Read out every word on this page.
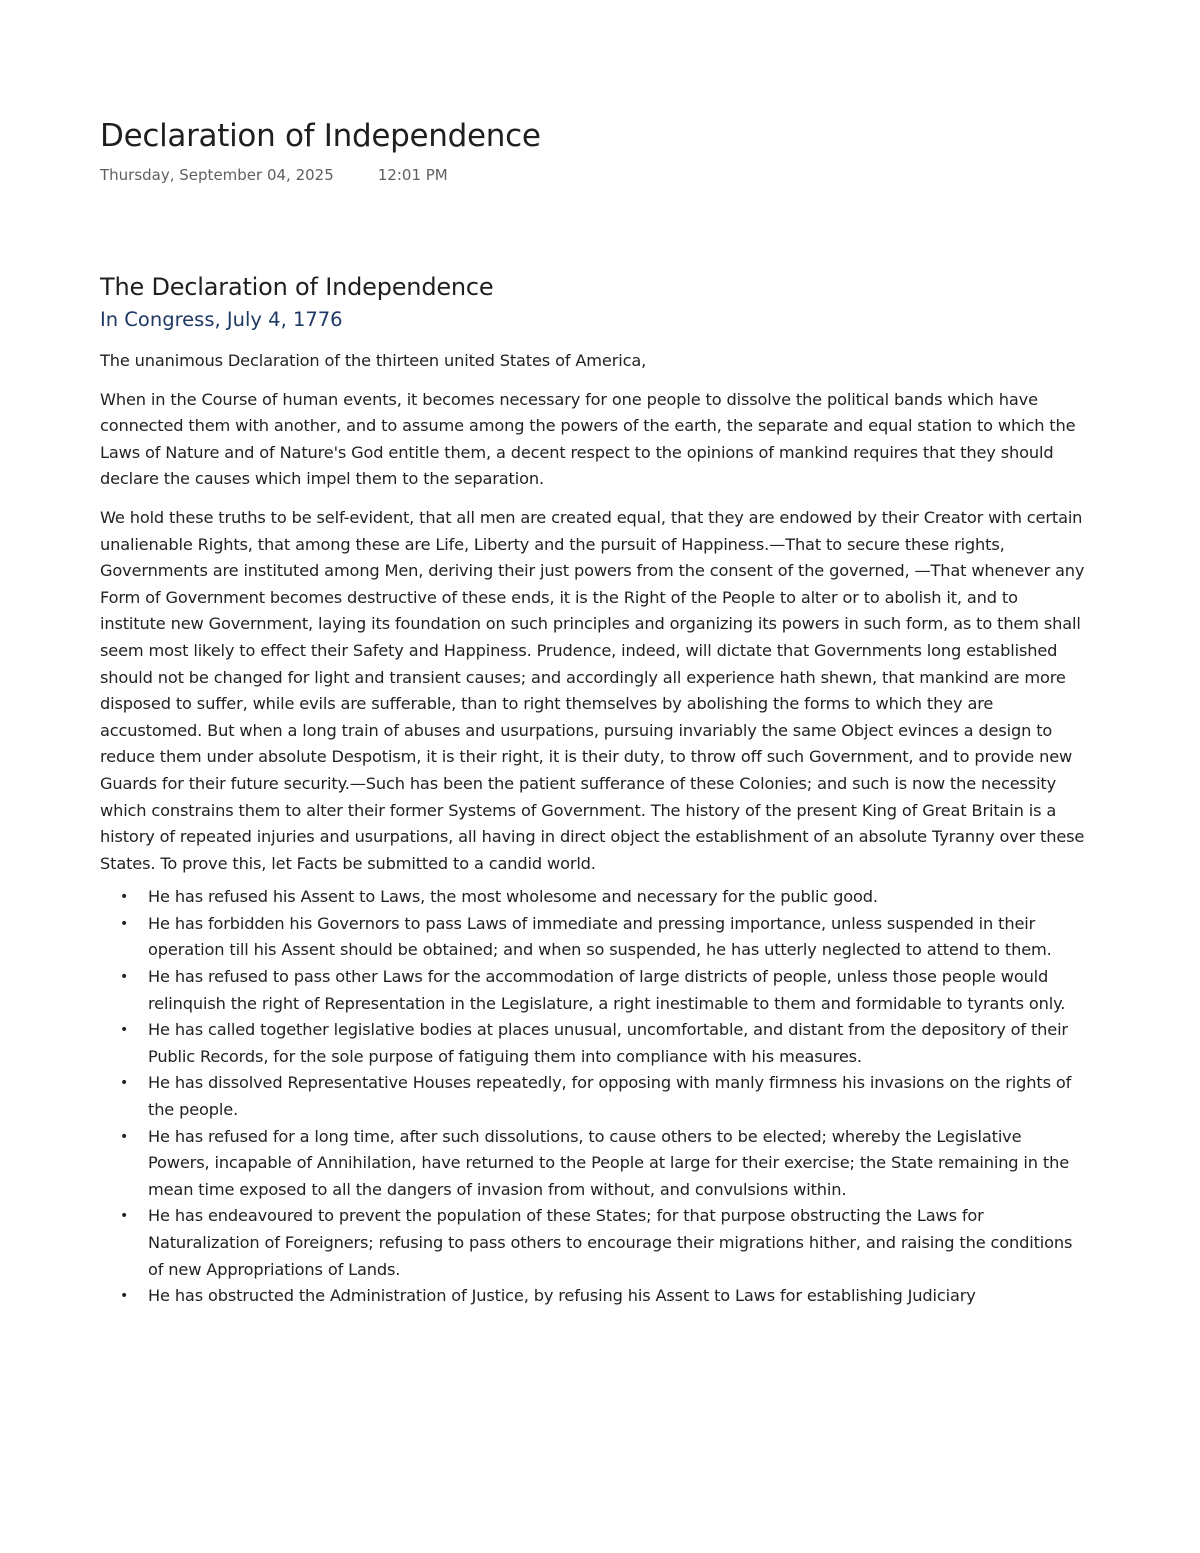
Declaration of Independence
Thursday, September 04, 2025	12:01 PM
The Declaration of Independence
In Congress, July 4, 1776

The unanimous Declaration of the thirteen united States of America,

When in the Course of human events, it becomes necessary for one people to dissolve the political bands which have connected them with another, and to assume among the powers of the earth, the separate and equal station to which the Laws of Nature and of Nature's God entitle them, a decent respect to the opinions of mankind requires that they should declare the causes which impel them to the separation.

We hold these truths to be self-evident, that all men are created equal, that they are endowed by their Creator with certain unalienable Rights, that among these are Life, Liberty and the pursuit of Happiness.—That to secure these rights, Governments are instituted among Men, deriving their just powers from the consent of the governed, —That whenever any Form of Government becomes destructive of these ends, it is the Right of the People to alter or to abolish it, and to institute new Government, laying its foundation on such principles and organizing its powers in such form, as to them shall seem most likely to effect their Safety and Happiness. Prudence, indeed, will dictate that Governments long established should not be changed for light and transient causes; and accordingly all experience hath shewn, that mankind are more disposed to suffer, while evils are sufferable, than to right themselves by abolishing the forms to which they are accustomed. But when a long train of abuses and usurpations, pursuing invariably the same Object evinces a design to reduce them under absolute Despotism, it is their right, it is their duty, to throw off such Government, and to provide new Guards for their future security.—Such has been the patient sufferance of these Colonies; and such is now the necessity which constrains them to alter their former Systems of Government. The history of the present King of Great Britain is a history of repeated injuries and usurpations, all having in direct object the establishment of an absolute Tyranny over these States. To prove this, let Facts be submitted to a candid world.

• He has refused his Assent to Laws, the most wholesome and necessary for the public good.
• He has forbidden his Governors to pass Laws of immediate and pressing importance, unless suspended in their operation till his Assent should be obtained; and when so suspended, he has utterly neglected to attend to them.
• He has refused to pass other Laws for the accommodation of large districts of people, unless those people would relinquish the right of Representation in the Legislature, a right inestimable to them and formidable to tyrants only.
• He has called together legislative bodies at places unusual, uncomfortable, and distant from the depository of their Public Records, for the sole purpose of fatiguing them into compliance with his measures.
• He has dissolved Representative Houses repeatedly, for opposing with manly firmness his invasions on the rights of the people.
• He has refused for a long time, after such dissolutions, to cause others to be elected; whereby the Legislative Powers, incapable of Annihilation, have returned to the People at large for their exercise; the State remaining in the mean time exposed to all the dangers of invasion from without, and convulsions within.
• He has endeavoured to prevent the population of these States; for that purpose obstructing the Laws for Naturalization of Foreigners; refusing to pass others to encourage their migrations hither, and raising the conditions of new Appropriations of Lands.
• He has obstructed the Administration of Justice, by refusing his Assent to Laws for establishing Judiciary
